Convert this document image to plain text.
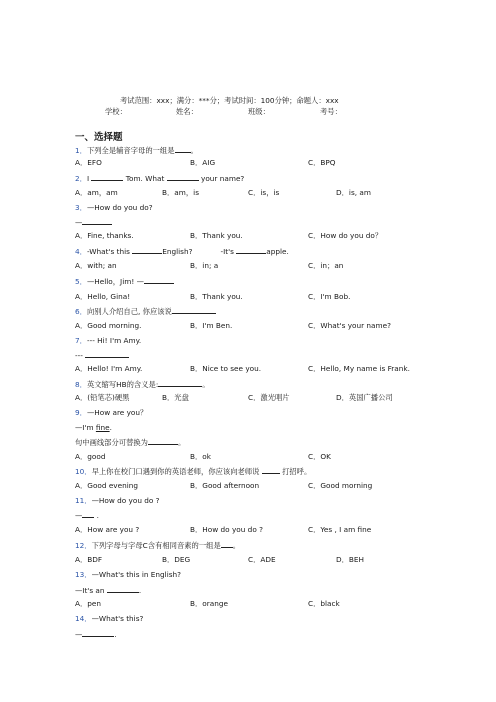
考试范围：xxx；满分：***分；考试时间：100分钟；命题人：xxx
学校：	姓名：	班级：	考号：
一、选择题
1．下列全是辅音字母的一组是 。
A．EFO	B．AIG	C．BPQ
2．I	Tom. What	your name?
A．am，am	B．am，is	C．is，is	D．is, am
3．—How do you do?
—
A．Fine, thanks.	B．Thank you.	C．How do you do？
4．-What's this	English?	-It's	apple.
A．with; an	B．in; a	C．in；an
5．—Hello，Jim! —
A．Hello, Gina!	B．Thank you.	C．I'm Bob.
6．向别人介绍自己, 你应该说
A．Good morning.	B．I'm Ben.	C．What's your name?
7．--- Hi! I'm Amy.
---
A．Hello! I'm Amy.	B．Nice to see you.	C．Hello, My name is Frank.
8．英文缩写HB的含义是:	。
A．(铅笔芯)硬黑	B．光盘	C．激光唱片	D．英国广播公司
9．—How are you？
—I'm fine.
句中画线部分可替换为	。
A．good	B．ok	C．OK
10．早上你在校门口遇到你的英语老师，你应该向老师说  打招呼。
A．Good evening	B．Good afternoon	C．Good morning
11．—How do you do ?
— .
A．How are you ?	B．How do you do ?	C．Yes , I am fine
12．下列字母与字母C含有相同音素的一组是 。
A．BDF	B．DEG	C．ADE	D．BEH
13．—What's this in English?
—It's an	.
A．pen	B．orange	C．black
14．—What's this?
—	.
